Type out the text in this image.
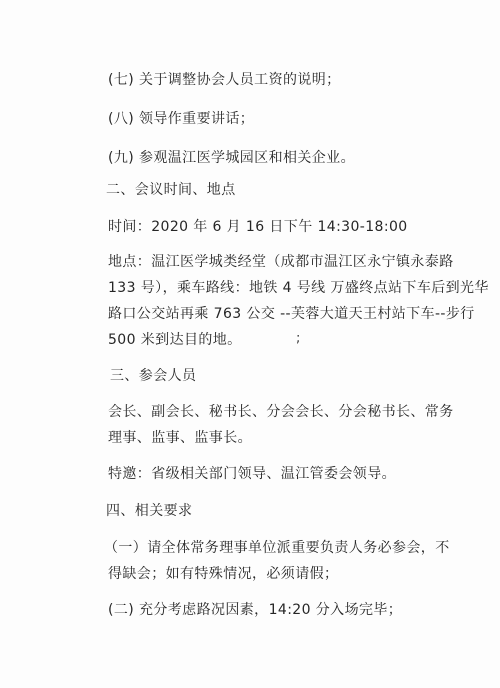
(七) 关于调整协会人员工资的说明；

(八) 领导作重要讲话；

(九) 参观温江医学城园区和相关企业。

二、会议时间、地点

时间：2020 年 6 月 16 日下午 14:30-18:00

地点：温江医学城类经堂（成都市温江区永宁镇永泰路

133 号），乘车路线：地铁 4 号线 万盛终点站下车后到光华

路口公交站再乘 763 公交 --芙蓉大道天王村站下车--步行

500 米到达目的地。	;

三、参会人员

会长、副会长、秘书长、分会会长、分会秘书长、常务

理事、监事、监事长。

特邀：省级相关部门领导、温江管委会领导。

四、相关要求

（一）请全体常务理事单位派重要负责人务必参会，不

得缺会；如有特殊情况，必须请假；

(二) 充分考虑路况因素，14:20 分入场完毕；
